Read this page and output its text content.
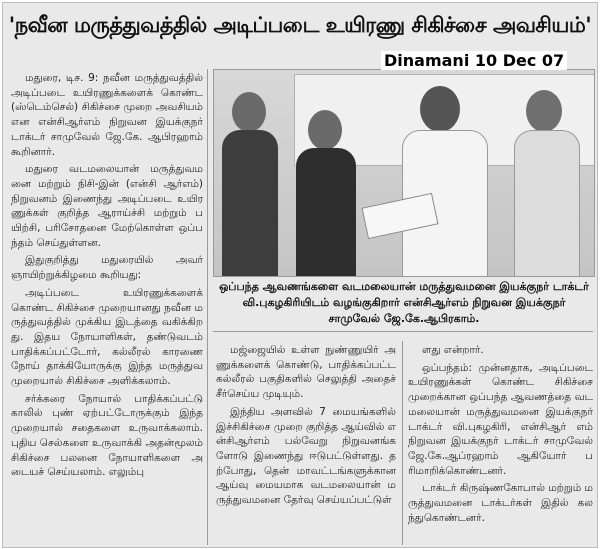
'நவீன மருத்துவத்தில் அடிப்படை உயிரணு சிகிச்சை அவசியம்'

மதுரை, டிச. 9: நவீன மருத்துவத்தில் அடிப்படை உயிரணுக்களைக் கொண்ட (ஸ்டெம்செல்) சிகிச்சை முறை அவசியம் என என்சிஆர்எம் நிறுவன இயக்குநர் டாக்டர் சாமுவேல் ஜே.கே. ஆபிரஹாம் கூறினார்.

மதுரை வடமலையான் மருத்துவமனை மற்றும் நிசி-இன் (என்சி ஆர்எம்) நிறுவனம் இணைந்து அடிப்படை உயிரணுக்கள் குறித்த ஆராய்ச்சி மற்றும் பயிற்சி, பரிசோதனை மேற்கொள்ள ஒப்பந்தம் செய்துள்ளன.

இதுகுறித்து மதுரையில் அவர் ஞாயிற்றுக்கிழமை கூறியது:

அடிப்படை உயிரணுக்களைக் கொண்ட சிகிச்சை முறையானது நவீன மருத்துவத்தில் முக்கிய இடத்தை வகிக்கிறது. இதய நோயாளிகள், தண்டுவடம் பாதிக்கப்பட்டோர், கல்லீரல் காரணை நோய் தாக்கியோருக்கு இந்த மருத்துவ முறையால் சிகிச்சை அளிக்கலாம்.

சர்க்கரை நோயால் பாதிக்கப்பட்டு காலில் புண் ஏற்பட்டோருக்கும் இந்த முறையால் சதைகளை உருவாக்கலாம். புதிய செல்களை உருவாக்கி அதன்மூலம் சிகிச்சை பலனை நோயாளிகளை அடையச் செய்யலாம். எலும்பு

Dinamani 10 Dec 07
ஒப்பந்த ஆவணங்களை வடமலையான் மருத்துவமனை இயக்குநர் டாக்டர் வி.புகழகிரியிடம் வழங்குகிறார் என்சிஆர்எம் நிறுவன இயக்குநர் சாமுவேல் ஜே.கே.ஆபிரகாம்.

மஜ்ஜையில் உள்ள நுண்ணுயிர் அணுக்களைக் கொண்டு, பாதிக்கப்பட்ட கல்லீரல் பகுதிகளில் செலுத்தி அதைச் சீர்செய்ய முடியும்.

இந்திய அளவில் 7 மையங்களில் இச்சிகிச்சை முறை குறித்த ஆய்வில் என்சிஆர்எம் பல்வேறு நிறுவனங்களோடு இணைந்து ஈடுபட்டுள்ளது. தற்போது, தென் மாவட்டங்களுக்கான ஆய்வு மையமாக வடமலையான் மருத்துவமனை தேர்வு செய்யப்பட்டுள்

ளது என்றார்.

ஒப்பந்தம்: முன்னதாக, அடிப்படை உயிரணுக்கள் கொண்ட சிகிச்சை முறைக்கான ஒப்பந்த ஆவணத்தை வடமலையான் மருத்துவமனை இயக்குநர் டாக்டர் வி.புகழகிரி, என்சிஆர் எம் நிறுவன இயக்குநர் டாக்டர் சாமுவேல் ஜே.கே.ஆப்ரஹாம் ஆகியோர் பரிமாறிக்கொண்டனர்.

டாக்டர் கிருஷ்ணகோபால் மற்றும் மருத்துவமனை டாக்டர்கள் இதில் கலந்துகொண்டனர்.
